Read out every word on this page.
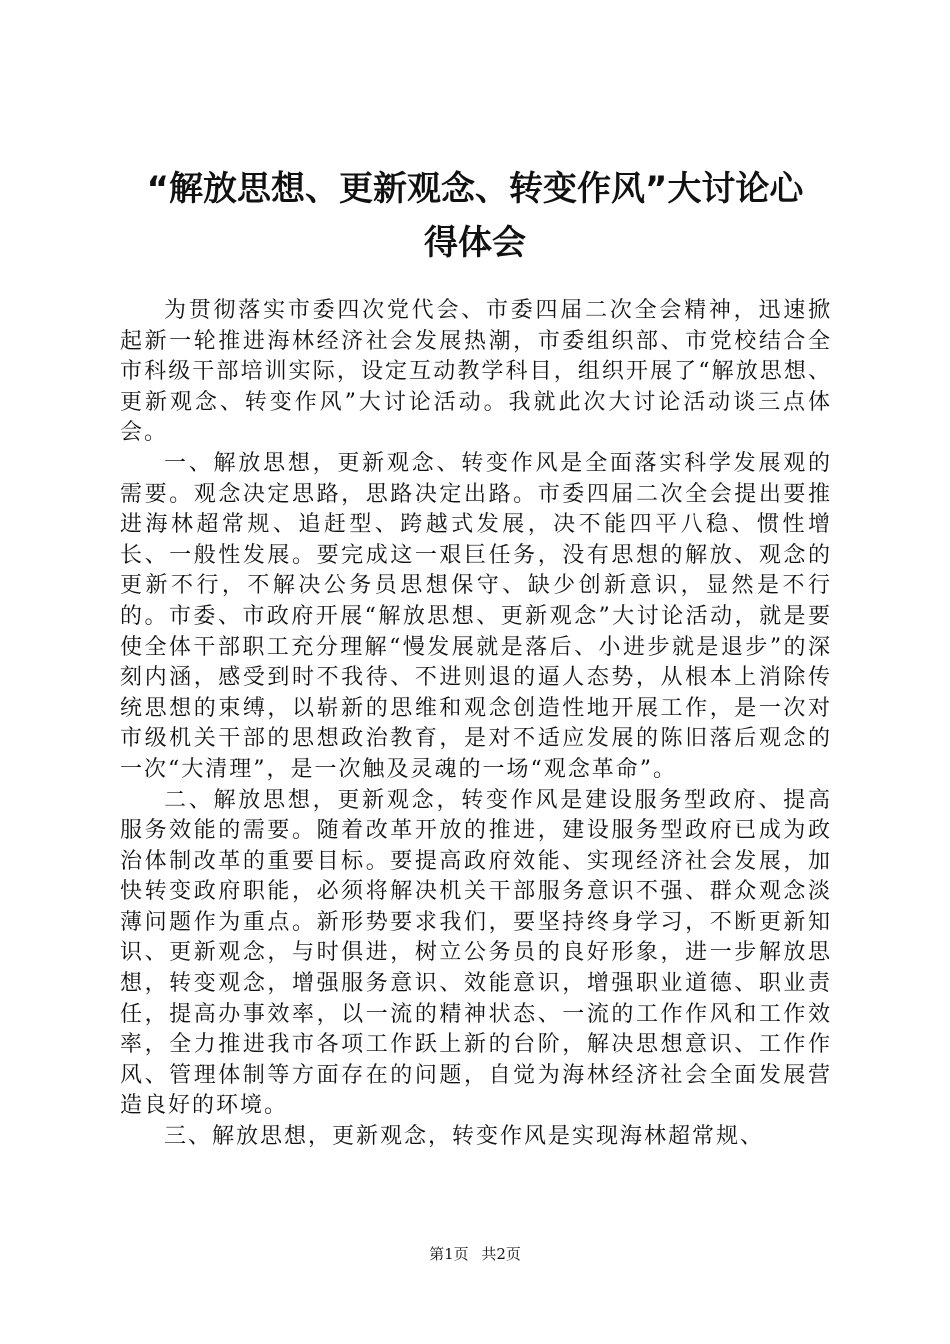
“解放思想、更新观念、转变作风”大讨论心
得体会

为贯彻落实市委四次党代会、市委四届二次全会精神，迅速掀起新一轮推进海林经济社会发展热潮，市委组织部、市党校结合全市科级干部培训实际，设定互动教学科目，组织开展了“解放思想、更新观念、转变作风”大讨论活动。我就此次大讨论活动谈三点体会。

一、解放思想，更新观念、转变作风是全面落实科学发展观的需要。观念决定思路，思路决定出路。市委四届二次全会提出要推进海林超常规、追赶型、跨越式发展，决不能四平八稳、惯性增长、一般性发展。要完成这一艰巨任务，没有思想的解放、观念的更新不行，不解决公务员思想保守、缺少创新意识，显然是不行的。市委、市政府开展“解放思想、更新观念”大讨论活动，就是要使全体干部职工充分理解“慢发展就是落后、小进步就是退步”的深刻内涵，感受到时不我待、不进则退的逼人态势，从根本上消除传统思想的束缚，以崭新的思维和观念创造性地开展工作，是一次对市级机关干部的思想政治教育，是对不适应发展的陈旧落后观念的一次“大清理”，是一次触及灵魂的一场“观念革命”。

二、解放思想，更新观念，转变作风是建设服务型政府、提高服务效能的需要。随着改革开放的推进，建设服务型政府已成为政治体制改革的重要目标。要提高政府效能、实现经济社会发展，加快转变政府职能，必须将解决机关干部服务意识不强、群众观念淡薄问题作为重点。新形势要求我们，要坚持终身学习，不断更新知识、更新观念，与时俱进，树立公务员的良好形象，进一步解放思想，转变观念，增强服务意识、效能意识，增强职业道德、职业责任，提高办事效率，以一流的精神状态、一流的工作作风和工作效率，全力推进我市各项工作跃上新的台阶，解决思想意识、工作作风、管理体制等方面存在的问题，自觉为海林经济社会全面发展营造良好的环境。

三、解放思想，更新观念，转变作风是实现海林超常规、

第1页 共2页
